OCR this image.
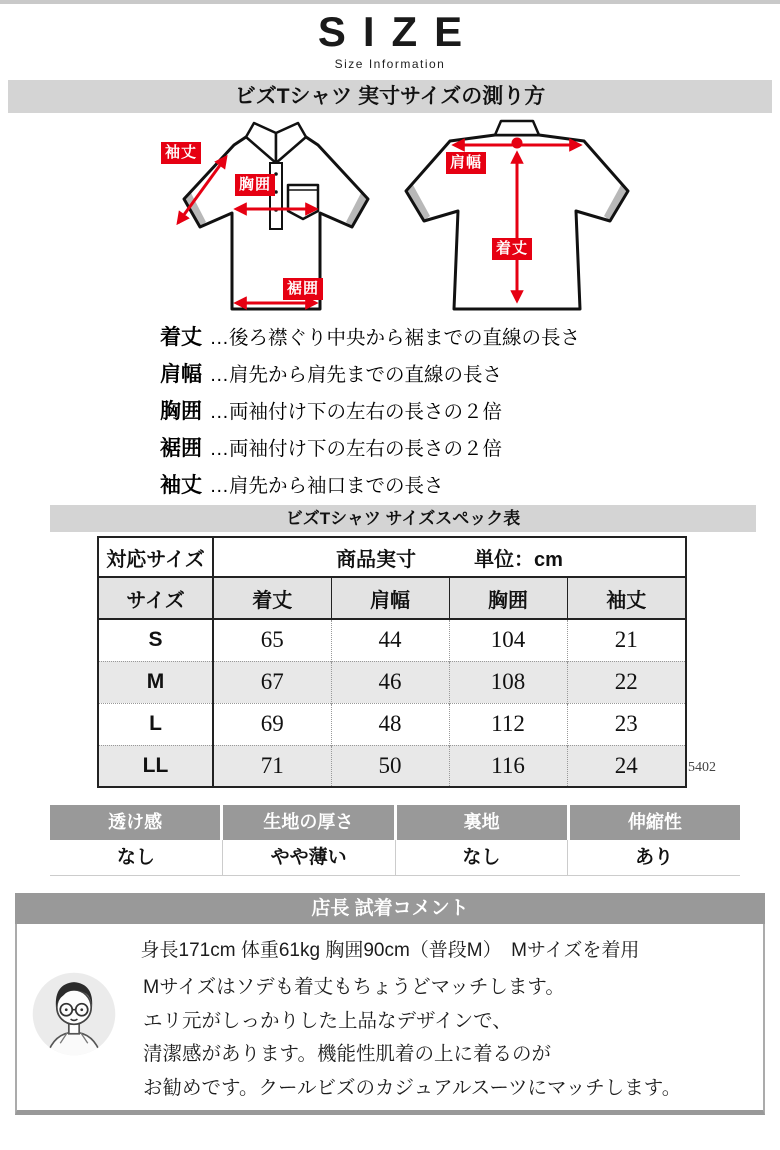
SIZE
Size Information
ビズTシャツ 実寸サイズの測り方
袖丈
胸囲
裾囲
肩幅
着丈
着丈 …後ろ襟ぐり中央から裾までの直線の長さ
肩幅 …肩先から肩先までの直線の長さ
胸囲 …両袖付け下の左右の長さの２倍
裾囲 …両袖付け下の左右の長さの２倍
袖丈 …肩先から袖口までの長さ
ビズTシャツ サイズスペック表
対応サイズ	商品実寸 単位：cm			
サイズ	着丈	肩幅	胸囲	袖丈
S	65	44	104	21
M	67	46	108	22
L	69	48	112	23
LL	71	50	116	24	5402
透け感	生地の厚さ	裏地	伸縮性
なし	やや薄い	なし	あり
店長 試着コメント
身長171cm 体重61kg 胸囲90cm（普段M）　Mサイズを着用
Mサイズはソデも着丈もちょうどマッチします。
エリ元がしっかりした上品なデザインで、
清潔感があります。機能性肌着の上に着るのが
お勧めです。クールビズのカジュアルスーツにマッチします。
